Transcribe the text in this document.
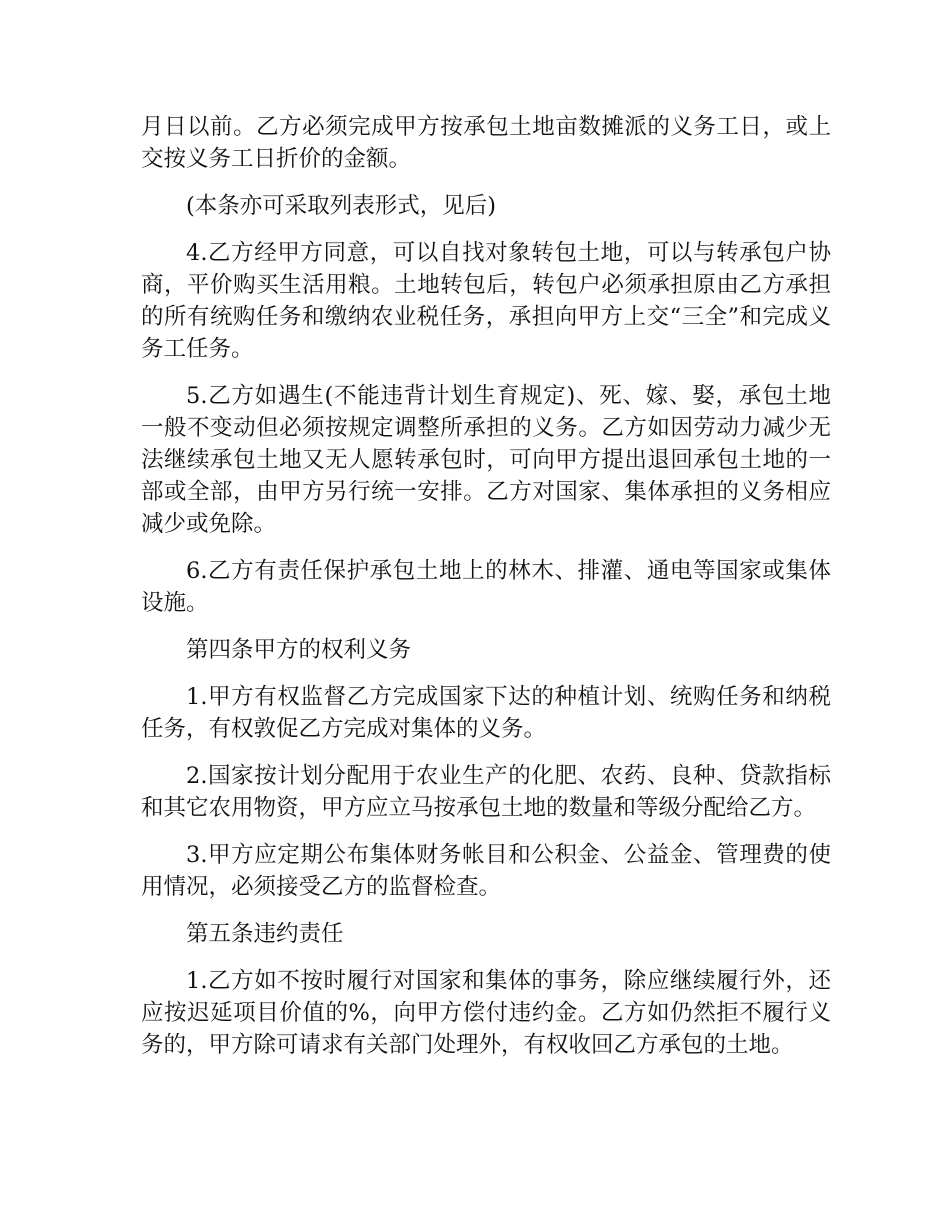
月日以前。乙方必须完成甲方按承包土地亩数摊派的义务工日，或上交按义务工日折价的金额。

(本条亦可采取列表形式，见后)

4.乙方经甲方同意，可以自找对象转包土地，可以与转承包户协商，平价购买生活用粮。土地转包后，转包户必须承担原由乙方承担的所有统购任务和缴纳农业税任务，承担向甲方上交“三全”和完成义务工任务。

5.乙方如遇生(不能违背计划生育规定)、死、嫁、娶，承包土地一般不变动但必须按规定调整所承担的义务。乙方如因劳动力减少无法继续承包土地又无人愿转承包时，可向甲方提出退回承包土地的一部或全部，由甲方另行统一安排。乙方对国家、集体承担的义务相应减少或免除。

6.乙方有责任保护承包土地上的林木、排灌、通电等国家或集体设施。

第四条甲方的权利义务

1.甲方有权监督乙方完成国家下达的种植计划、统购任务和纳税任务，有权敦促乙方完成对集体的义务。

2.国家按计划分配用于农业生产的化肥、农药、良种、贷款指标和其它农用物资，甲方应立马按承包土地的数量和等级分配给乙方。

3.甲方应定期公布集体财务帐目和公积金、公益金、管理费的使用情况，必须接受乙方的监督检查。

第五条违约责任

1.乙方如不按时履行对国家和集体的事务，除应继续履行外，还应按迟延项目价值的%，向甲方偿付违约金。乙方如仍然拒不履行义务的，甲方除可请求有关部门处理外，有权收回乙方承包的土地。
